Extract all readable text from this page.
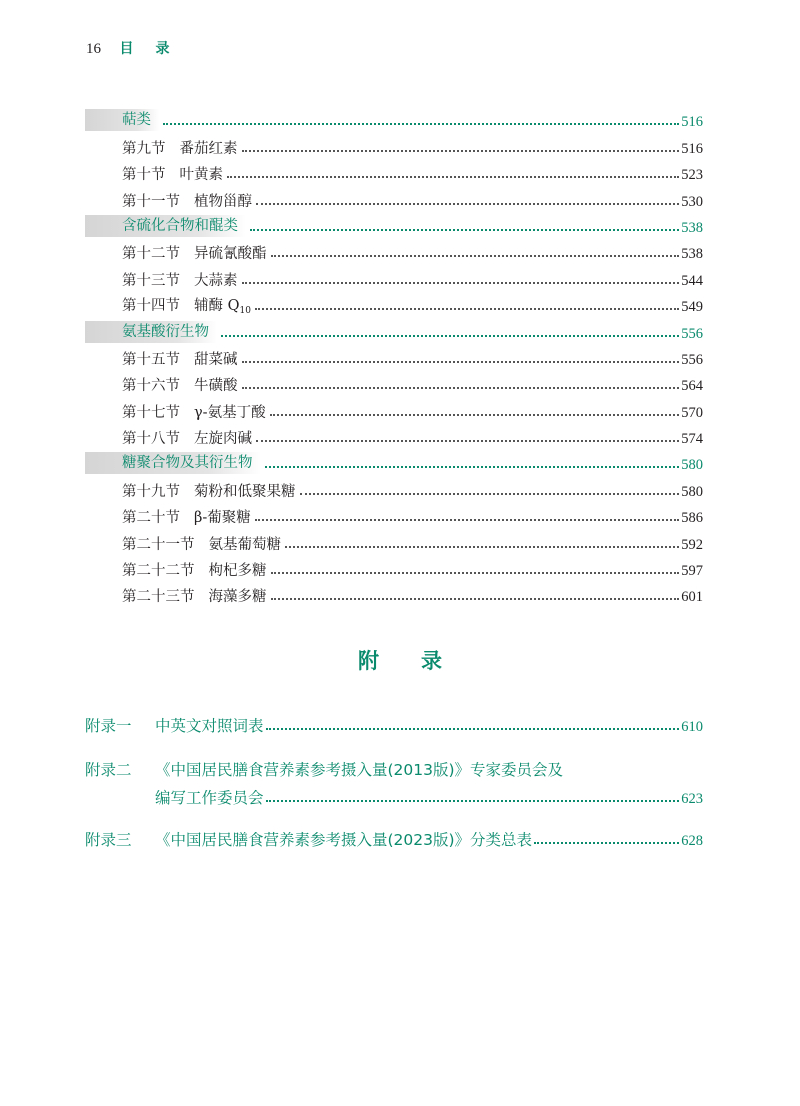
16 目录
萜类	516
第九节 番茄红素	516
第十节 叶黄素	523
第十一节 植物甾醇	530
含硫化合物和醌类	538
第十二节 异硫氰酸酯	538
第十三节 大蒜素	544
第十四节 辅酶 $Q_{10}$	549
氨基酸衍生物	556
第十五节 甜菜碱	556
第十六节 牛磺酸	564
第十七节 γ-氨基丁酸	570
第十八节 左旋肉碱	574
糖聚合物及其衍生物	580
第十九节 菊粉和低聚果糖	580
第二十节 β-葡聚糖	586
第二十一节 氨基葡萄糖	592
第二十二节 枸杞多糖	597
第二十三节 海藻多糖	601
附录
附录一	中英文对照词表	610
附录二	《中国居民膳食营养素参考摄入量(2013版)》专家委员会及
编写工作委员会	623
附录三	《中国居民膳食营养素参考摄入量(2023版)》分类总表	628
